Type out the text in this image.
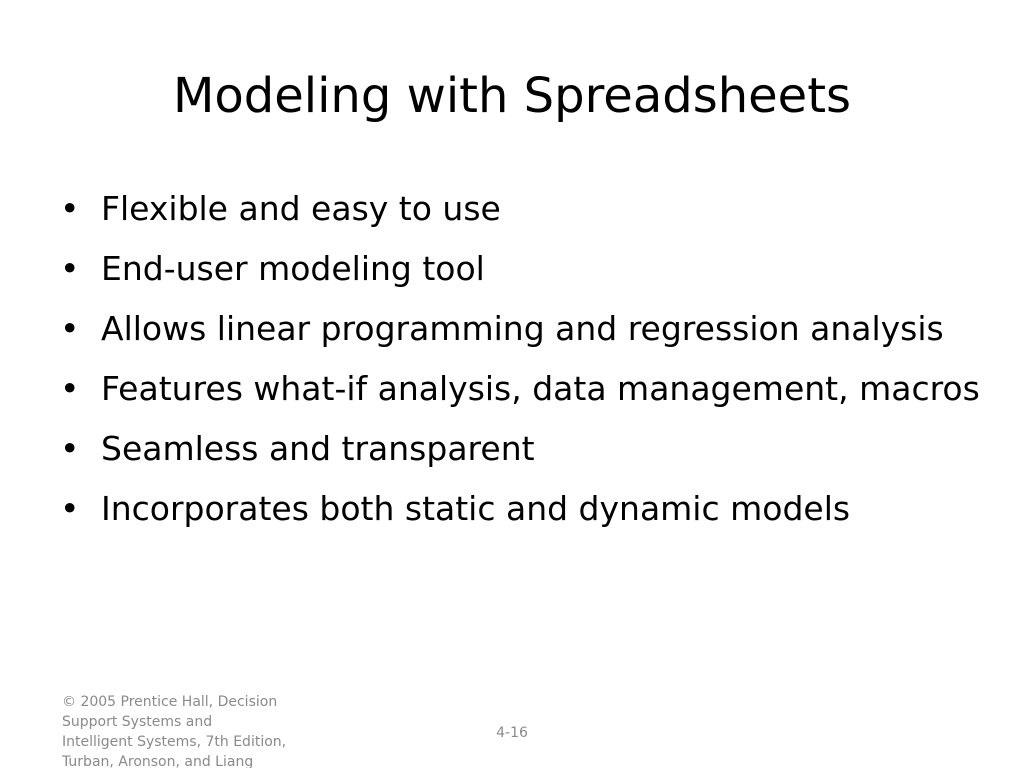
Modeling with Spreadsheets
• Flexible and easy to use
• End-user modeling tool
• Allows linear programming and regression analysis
• Features what-if analysis, data management, macros
• Seamless and transparent
• Incorporates both static and dynamic models
© 2005 Prentice Hall, Decision
Support Systems and
Intelligent Systems, 7th Edition,
Turban, Aronson, and Liang
4-16
